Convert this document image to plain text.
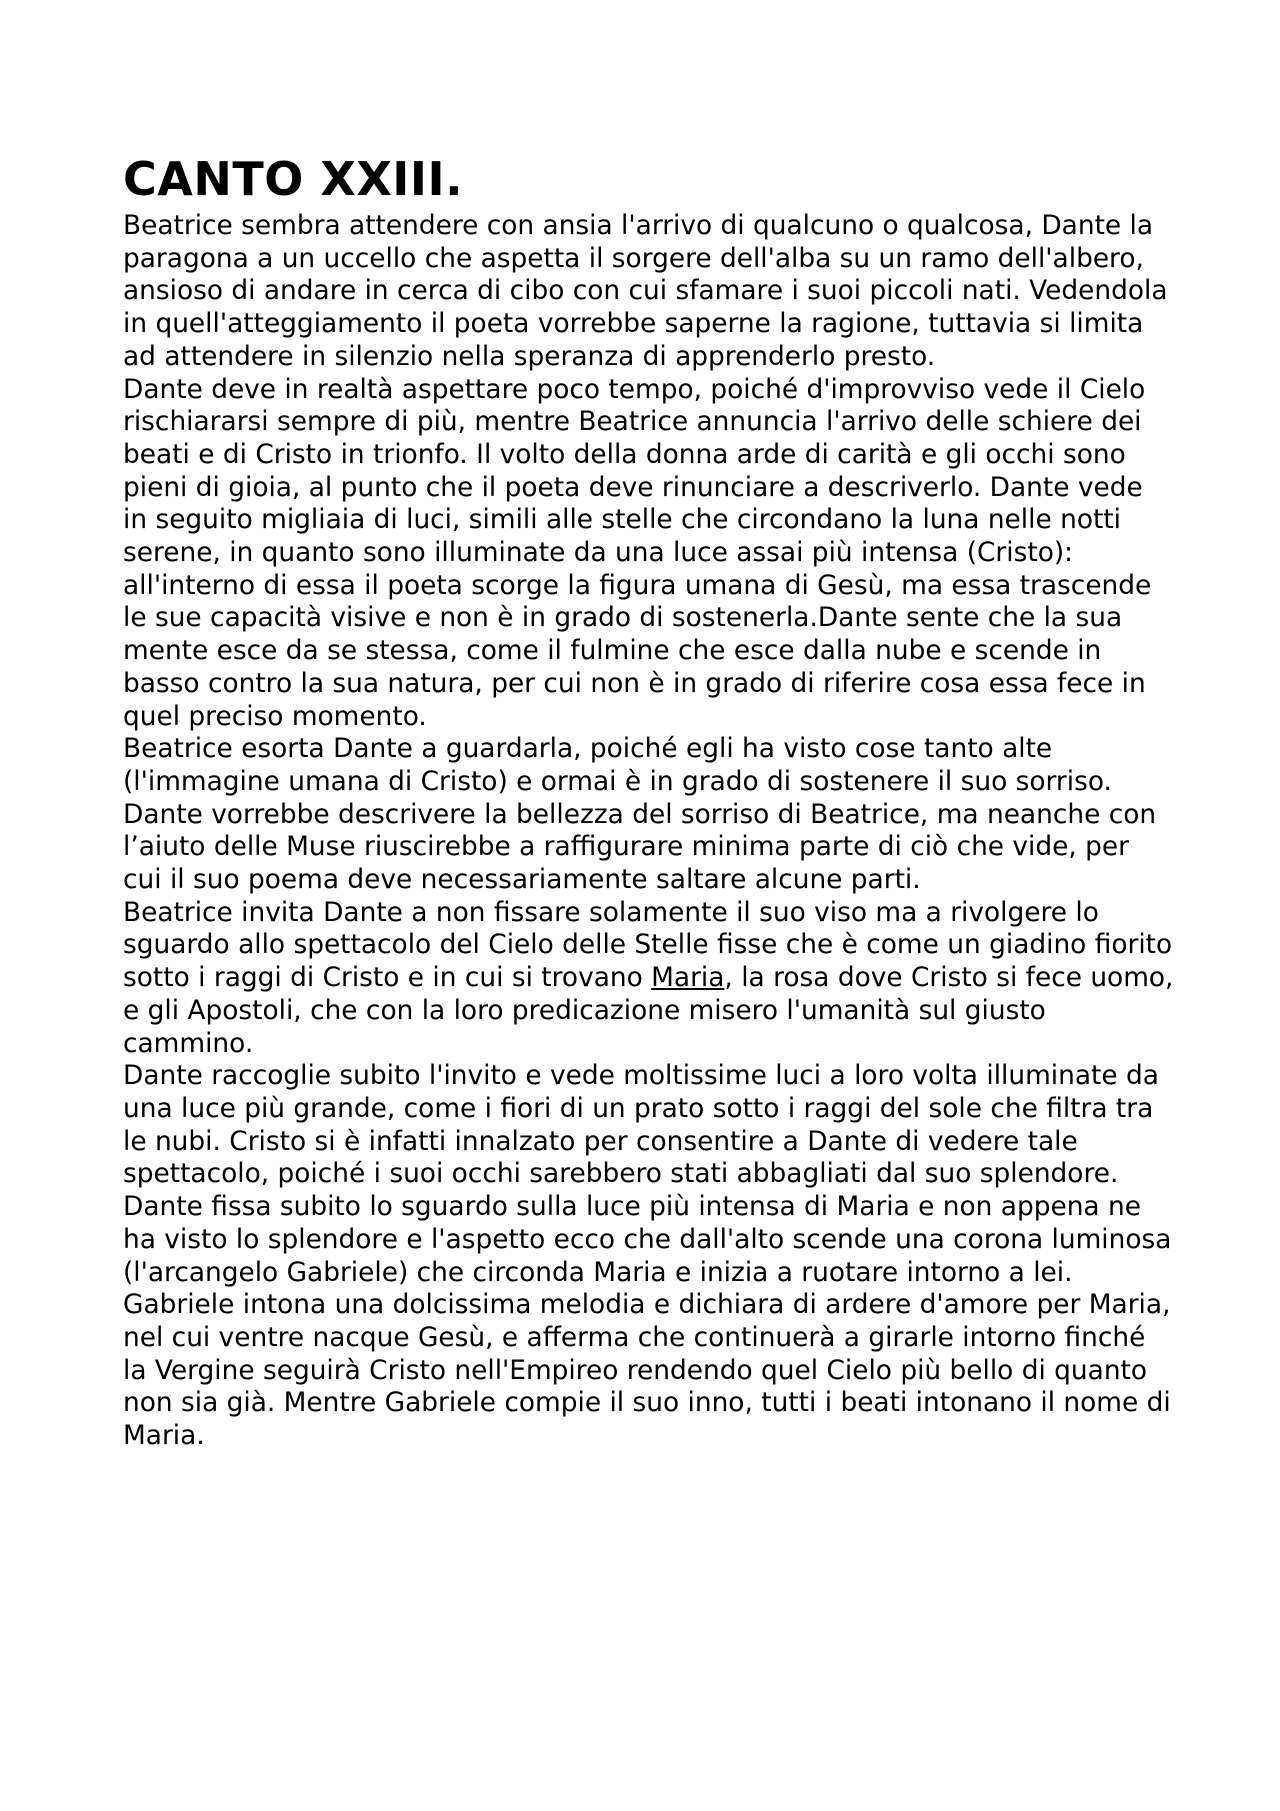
CANTO XXIII.

Beatrice sembra attendere con ansia l'arrivo di qualcuno o qualcosa, Dante la paragona a un uccello che aspetta il sorgere dell'alba su un ramo dell'albero, ansioso di andare in cerca di cibo con cui sfamare i suoi piccoli nati. Vedendola in quell'atteggiamento il poeta vorrebbe saperne la ragione, tuttavia si limita ad attendere in silenzio nella speranza di apprenderlo presto.

Dante deve in realtà aspettare poco tempo, poiché d'improvviso vede il Cielo rischiararsi sempre di più, mentre Beatrice annuncia l'arrivo delle schiere dei beati e di Cristo in trionfo. Il volto della donna arde di carità e gli occhi sono pieni di gioia, al punto che il poeta deve rinunciare a descriverlo. Dante vede in seguito migliaia di luci, simili alle stelle che circondano la luna nelle notti serene, in quanto sono illuminate da una luce assai più intensa (Cristo): all'interno di essa il poeta scorge la figura umana di Gesù, ma essa trascende le sue capacità visive e non è in grado di sostenerla.Dante sente che la sua mente esce da se stessa, come il fulmine che esce dalla nube e scende in basso contro la sua natura, per cui non è in grado di riferire cosa essa fece in quel preciso momento.

Beatrice esorta Dante a guardarla, poiché egli ha visto cose tanto alte (l'immagine umana di Cristo) e ormai è in grado di sostenere il suo sorriso.

Dante vorrebbe descrivere la bellezza del sorriso di Beatrice, ma neanche con l’aiuto delle Muse riuscirebbe a raffigurare minima parte di ciò che vide, per cui il suo poema deve necessariamente saltare alcune parti.

Beatrice invita Dante a non fissare solamente il suo viso ma a rivolgere lo sguardo allo spettacolo del Cielo delle Stelle fisse che è come un giadino fiorito sotto i raggi di Cristo e in cui si trovano Maria, la rosa dove Cristo si fece uomo, e gli Apostoli, che con la loro predicazione misero l'umanità sul giusto cammino.

Dante raccoglie subito l'invito e vede moltissime luci a loro volta illuminate da una luce più grande, come i fiori di un prato sotto i raggi del sole che filtra tra le nubi. Cristo si è infatti innalzato per consentire a Dante di vedere tale spettacolo, poiché i suoi occhi sarebbero stati abbagliati dal suo splendore.

Dante fissa subito lo sguardo sulla luce più intensa di Maria e non appena ne ha visto lo splendore e l'aspetto ecco che dall'alto scende una corona luminosa (l'arcangelo Gabriele) che circonda Maria e inizia a ruotare intorno a lei. Gabriele intona una dolcissima melodia e dichiara di ardere d'amore per Maria, nel cui ventre nacque Gesù, e afferma che continuerà a girarle intorno finché la Vergine seguirà Cristo nell'Empireo rendendo quel Cielo più bello di quanto non sia già. Mentre Gabriele compie il suo inno, tutti i beati intonano il nome di Maria.
